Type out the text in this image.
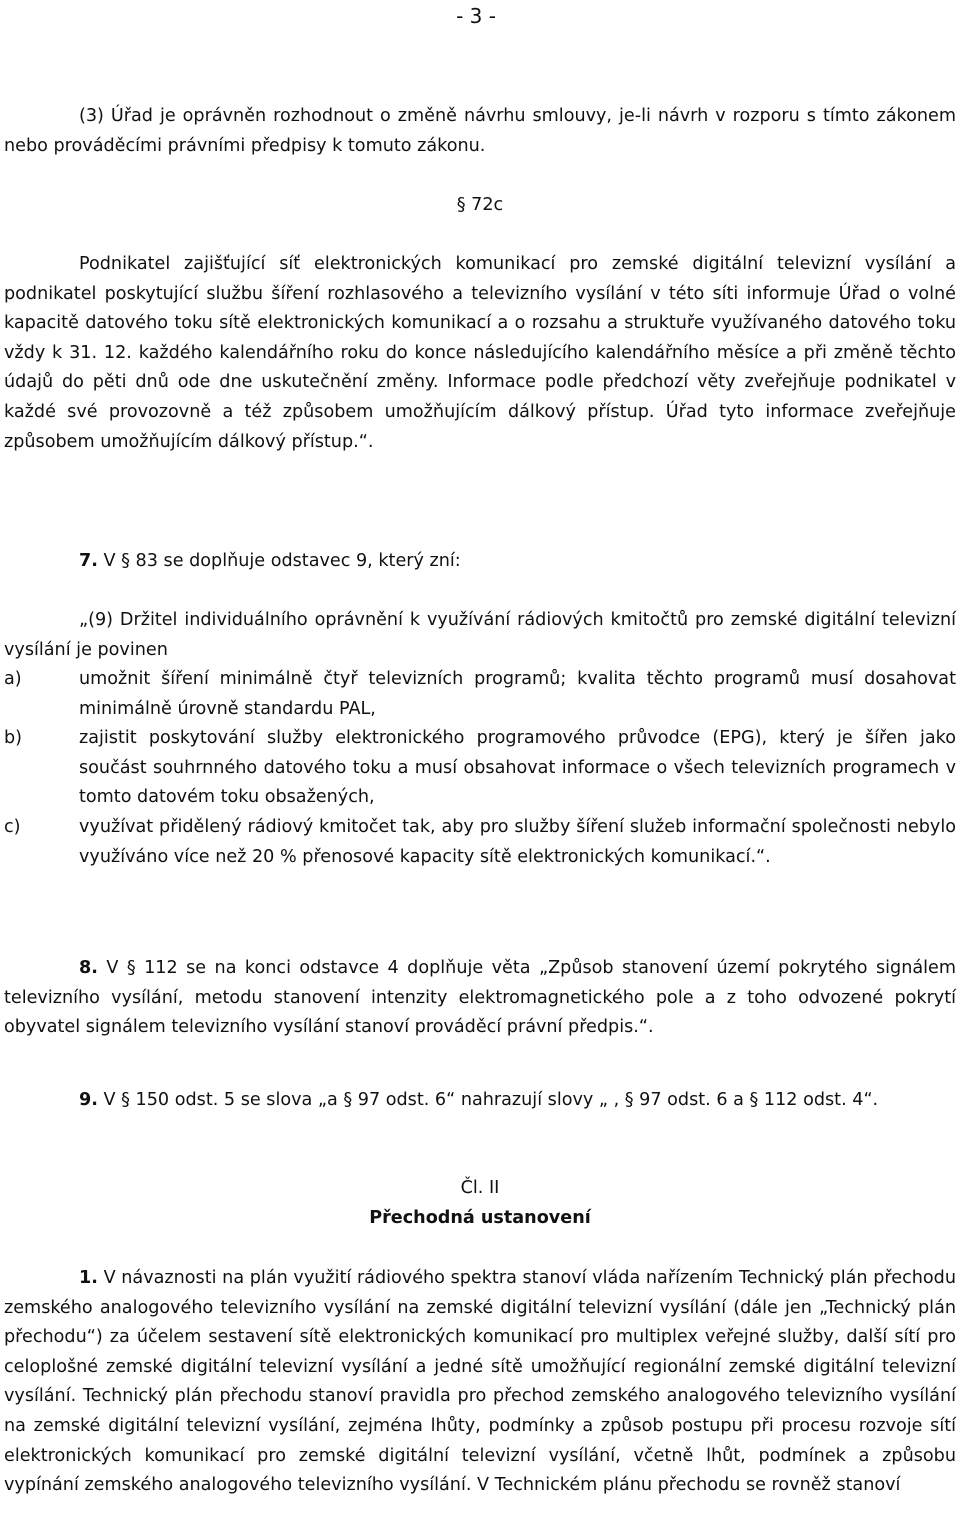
- 3 -

(3) Úřad je oprávněn rozhodnout o změně návrhu smlouvy, je-li návrh v rozporu s tímto zákonem nebo prováděcími právními předpisy k tomuto zákonu.

§ 72c

Podnikatel zajišťující síť elektronických komunikací pro zemské digitální televizní vysílání a podnikatel poskytující službu šíření rozhlasového a televizního vysílání v této síti informuje Úřad o volné kapacitě datového toku sítě elektronických komunikací a o rozsahu a struktuře využívaného datového toku vždy k 31. 12. každého kalendářního roku do konce následujícího kalendářního měsíce a při změně těchto údajů do pěti dnů ode dne uskutečnění změny. Informace podle předchozí věty zveřejňuje podnikatel v každé své provozovně a též způsobem umožňujícím dálkový přístup. Úřad tyto informace zveřejňuje způsobem umožňujícím dálkový přístup.“.

7. V § 83 se doplňuje odstavec 9, který zní:

„(9) Držitel individuálního oprávnění k využívání rádiových kmitočtů pro zemské digitální televizní vysílání je povinen

a)	umožnit šíření minimálně čtyř televizních programů; kvalita těchto programů musí dosahovat minimálně úrovně standardu PAL,
b)	zajistit poskytování služby elektronického programového průvodce (EPG), který je šířen jako součást souhrnného datového toku a musí obsahovat informace o všech televizních programech v tomto datovém toku obsažených,
c)	využívat přidělený rádiový kmitočet tak, aby pro služby šíření služeb informační společnosti nebylo využíváno více než 20 % přenosové kapacity sítě elektronických komunikací.“.

8. V § 112 se na konci odstavce 4 doplňuje věta „Způsob stanovení území pokrytého signálem televizního vysílání, metodu stanovení intenzity elektromagnetického pole a z toho odvozené pokrytí obyvatel signálem televizního vysílání stanoví prováděcí právní předpis.“.

9. V § 150 odst. 5 se slova „a § 97 odst. 6“ nahrazují slovy „ , § 97 odst. 6 a § 112 odst. 4“.

Čl. II

Přechodná ustanovení

1. V návaznosti na plán využití rádiového spektra stanoví vláda nařízením Technický plán přechodu zemského analogového televizního vysílání na zemské digitální televizní vysílání (dále jen „Technický plán přechodu“) za účelem sestavení sítě elektronických komunikací pro multiplex veřejné služby, další sítí pro celoplošné zemské digitální televizní vysílání a jedné sítě umožňující regionální zemské digitální televizní vysílání. Technický plán přechodu stanoví pravidla pro přechod zemského analogového televizního vysílání na zemské digitální televizní vysílání, zejména lhůty, podmínky a způsob postupu při procesu rozvoje sítí elektronických komunikací pro zemské digitální televizní vysílání, včetně lhůt, podmínek a způsobu vypínání zemského analogového televizního vysílání. V Technickém plánu přechodu se rovněž stanoví
